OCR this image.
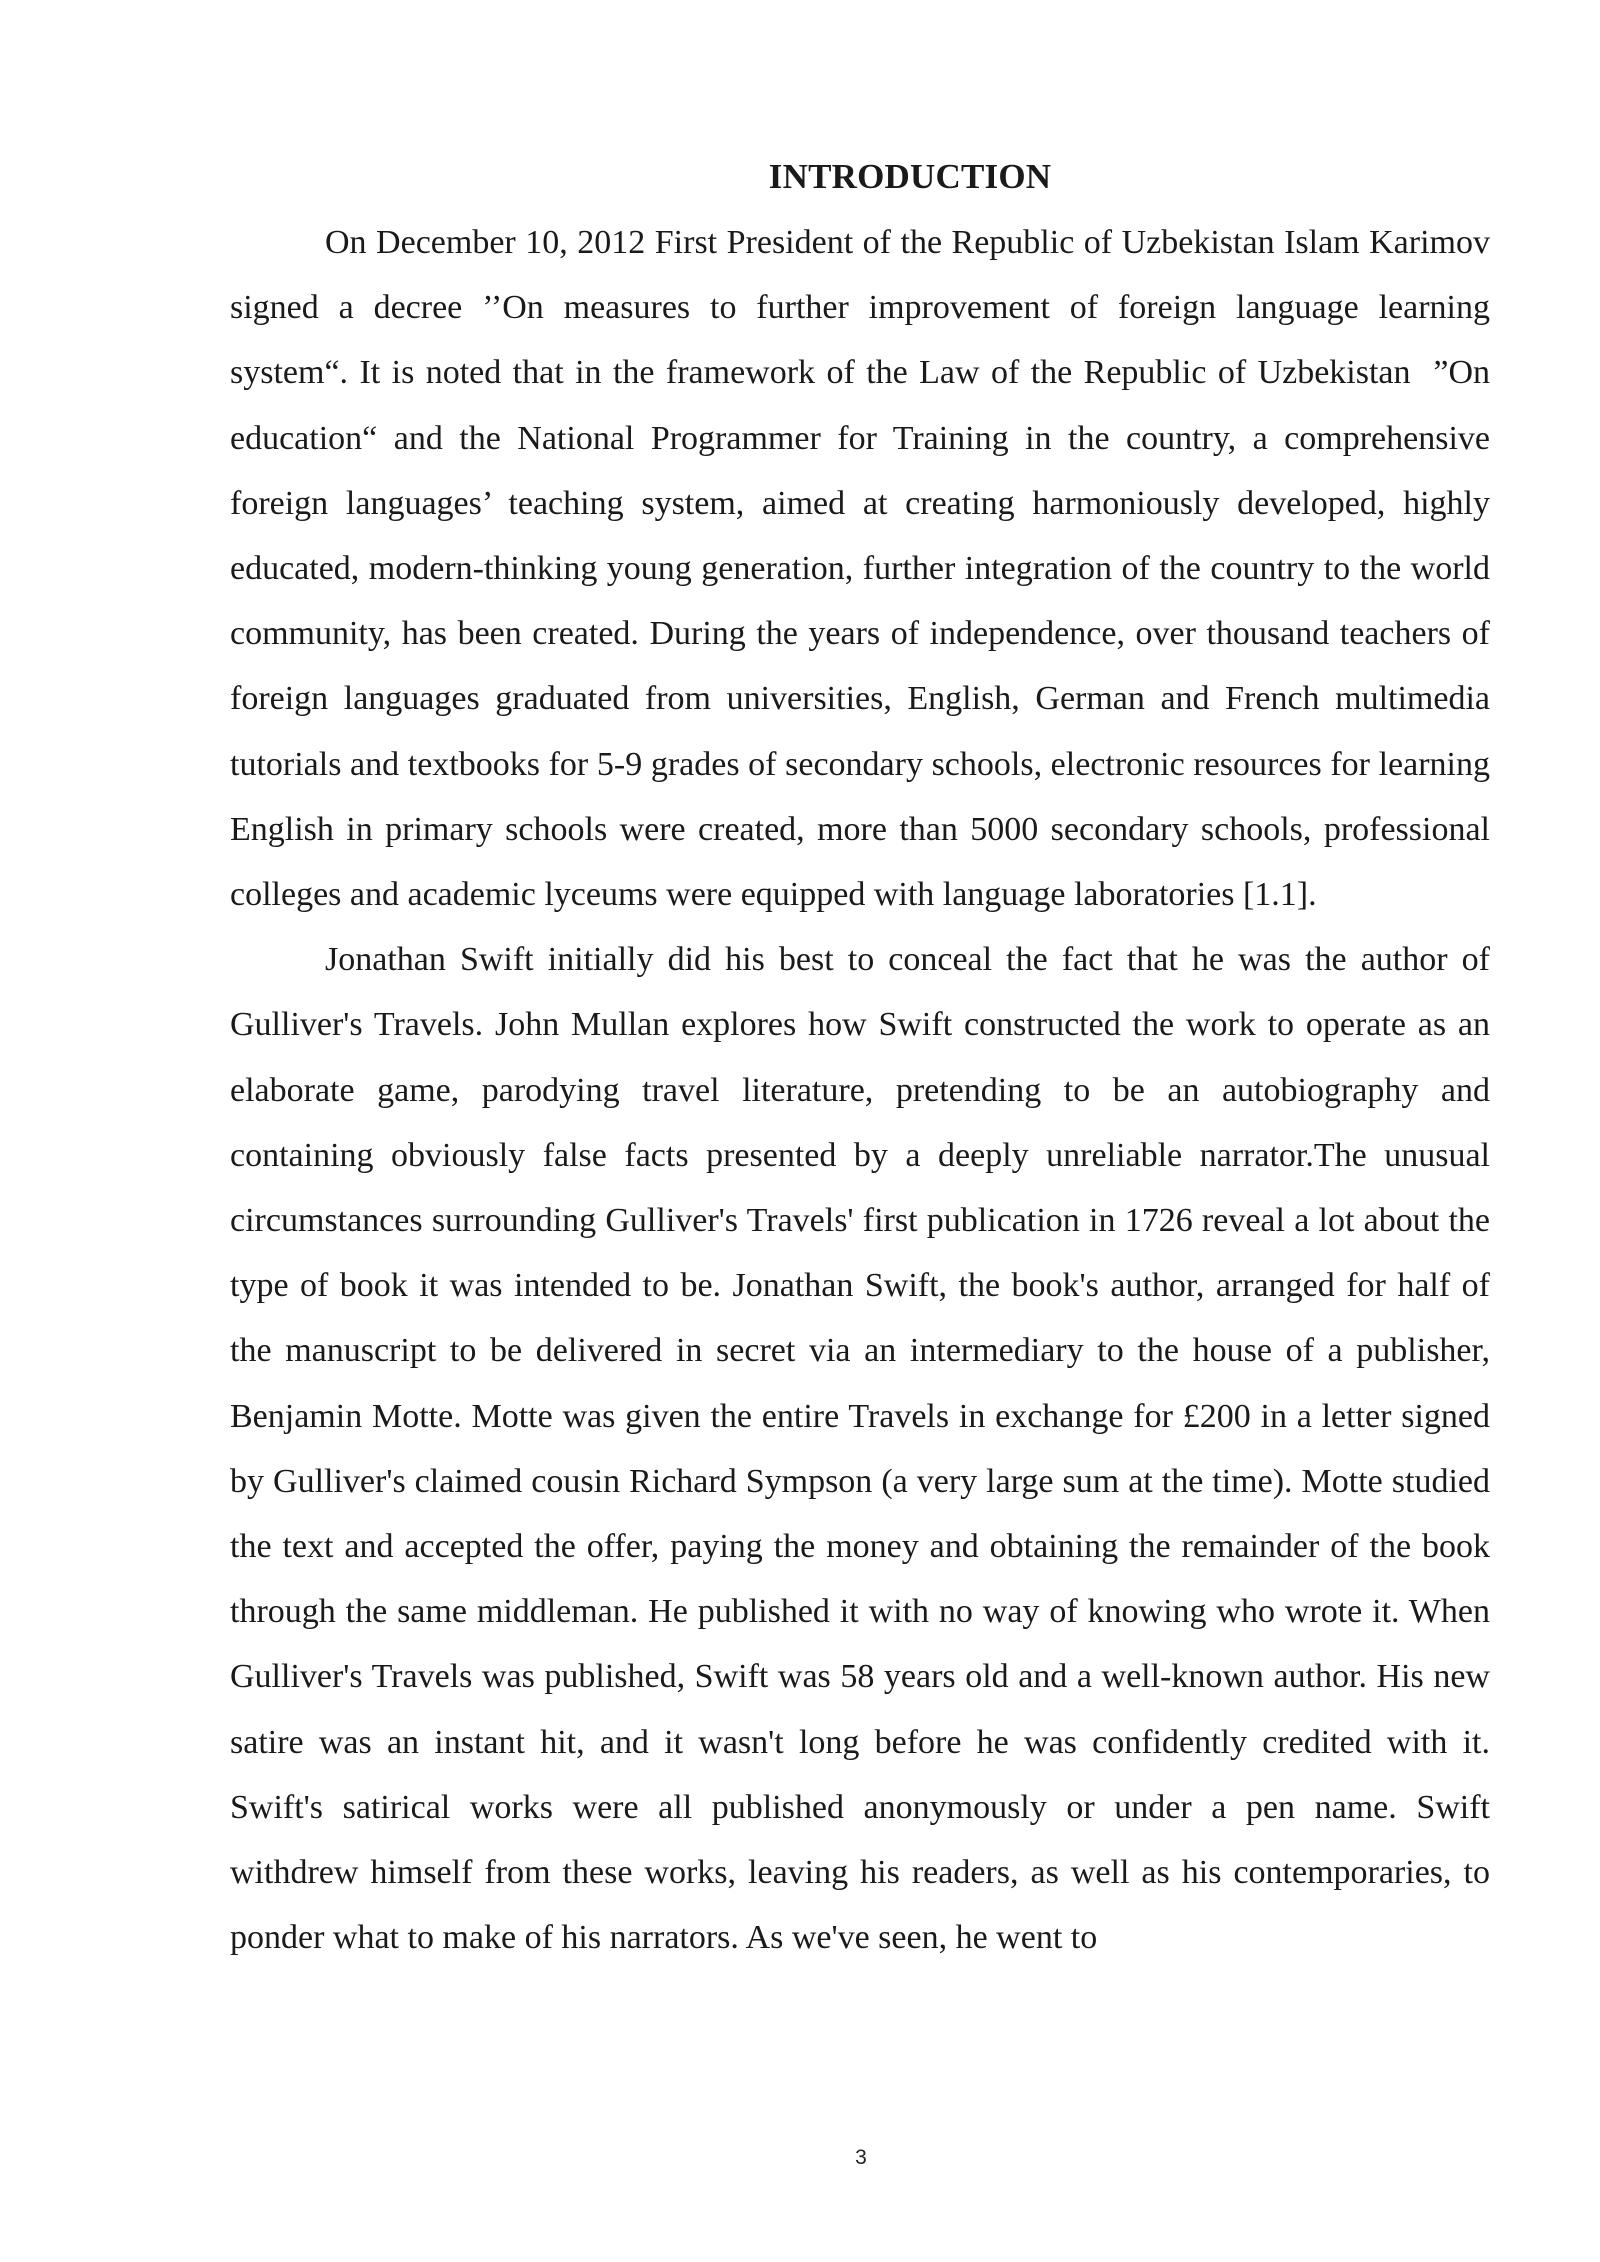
INTRODUCTION

On December 10, 2012 First President of the Republic of Uzbekistan Islam Karimov signed a decree ’’On measures to further improvement of foreign language learning system“. It is noted that in the framework of the Law of the Republic of Uzbekistan  ”On education“ and the National Programmer for Training in the country, a comprehensive foreign languages’ teaching system, aimed at creating harmoniously developed, highly educated, modern-thinking young generation, further integration of the country to the world community, has been created. During the years of independence, over thousand teachers of foreign languages graduated from universities, English, German and French multimedia tutorials and textbooks for 5-9 grades of secondary schools, electronic resources for learning English in primary schools were created, more than 5000 secondary schools, professional colleges and academic lyceums were equipped with language laboratories [1.1].

Jonathan Swift initially did his best to conceal the fact that he was the author of Gulliver's Travels. John Mullan explores how Swift constructed the work to operate as an elaborate game, parodying travel literature, pretending to be an autobiography and containing obviously false facts presented by a deeply unreliable narrator.The unusual circumstances surrounding Gulliver's Travels' first publication in 1726 reveal a lot about the type of book it was intended to be. Jonathan Swift, the book's author, arranged for half of the manuscript to be delivered in secret via an intermediary to the house of a publisher, Benjamin Motte. Motte was given the entire Travels in exchange for £200 in a letter signed by Gulliver's claimed cousin Richard Sympson (a very large sum at the time). Motte studied the text and accepted the offer, paying the money and obtaining the remainder of the book through the same middleman. He published it with no way of knowing who wrote it. When Gulliver's Travels was published, Swift was 58 years old and a well-known author. His new satire was an instant hit, and it wasn't long before he was confidently credited with it. Swift's satirical works were all published anonymously or under a pen name. Swift withdrew himself from these works, leaving his readers, as well as his contemporaries, to ponder what to make of his narrators. As we've seen, he went to

3
